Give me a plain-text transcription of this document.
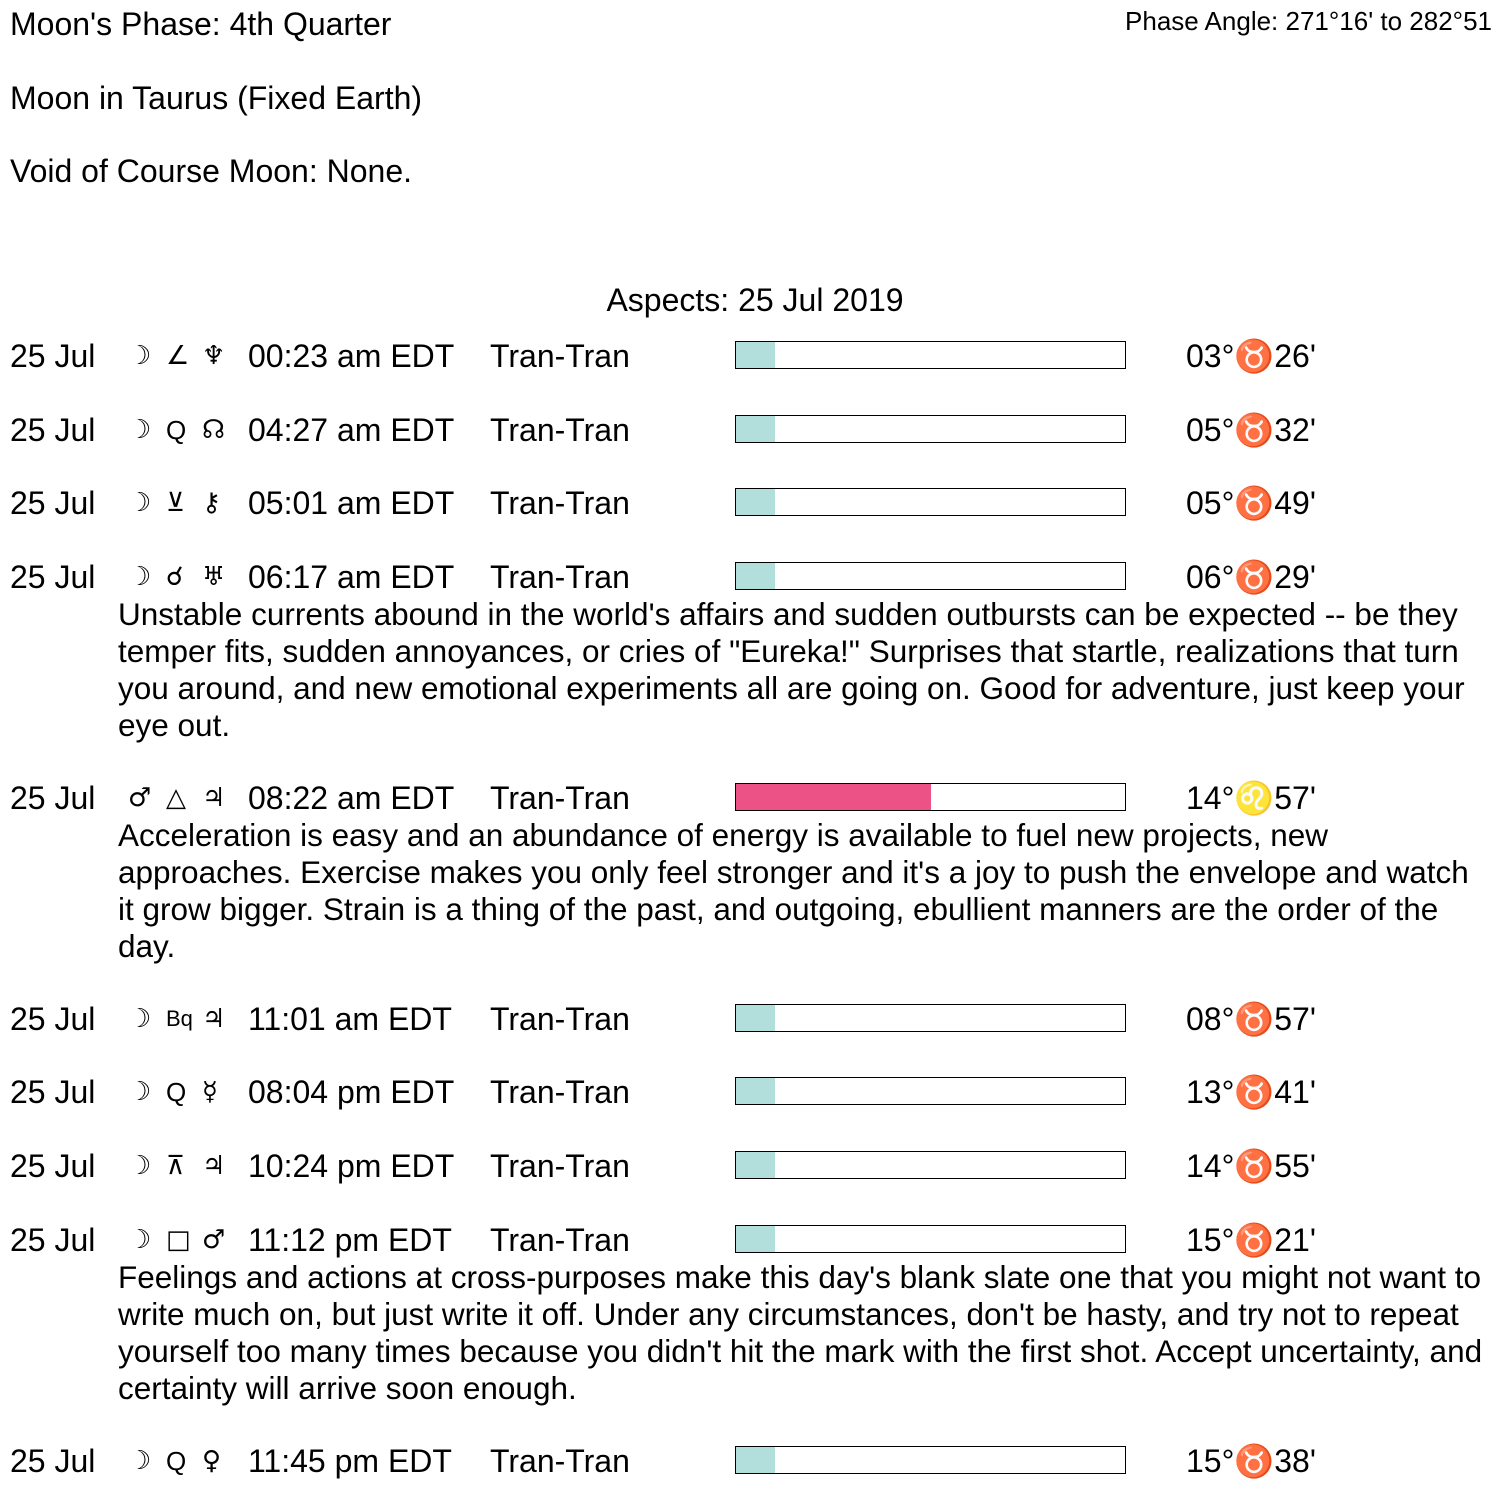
Moon's Phase: 4th Quarter	Phase Angle: 271°16' to 282°51
Moon in Taurus (Fixed Earth)
Void of Course Moon: None.
Aspects: 25 Jul 2019
25 Jul ☽ ∠ ♆ 00:23 am EDT Tran-Tran	03°♉26'
25 Jul ☽ Q ☊ 04:27 am EDT Tran-Tran	05°♉32'
25 Jul ☽ ⊻ ⚷ 05:01 am EDT Tran-Tran	05°♉49'
25 Jul ☽ ☌ ♅ 06:17 am EDT Tran-Tran	06°♉29'
Unstable currents abound in the world's affairs and sudden outbursts can be expected -- be they temper fits, sudden annoyances, or cries of "Eureka!" Surprises that startle, realizations that turn you around, and new emotional experiments all are going on. Good for adventure, just keep your eye out.
25 Jul ♂ △ ♃ 08:22 am EDT Tran-Tran	14°♌57'
Acceleration is easy and an abundance of energy is available to fuel new projects, new approaches. Exercise makes you only feel stronger and it's a joy to push the envelope and watch it grow bigger. Strain is a thing of the past, and outgoing, ebullient manners are the order of the day.
25 Jul ☽ Bq ♃ 11:01 am EDT Tran-Tran	08°♉57'
25 Jul ☽ Q ☿ 08:04 pm EDT Tran-Tran	13°♉41'
25 Jul ☽ ⊼ ♃ 10:24 pm EDT Tran-Tran	14°♉55'
25 Jul ☽ □ ♂ 11:12 pm EDT Tran-Tran	15°♉21'
Feelings and actions at cross-purposes make this day's blank slate one that you might not want to write much on, but just write it off. Under any circumstances, don't be hasty, and try not to repeat yourself too many times because you didn't hit the mark with the first shot. Accept uncertainty, and certainty will arrive soon enough.
25 Jul ☽ Q ♀ 11:45 pm EDT Tran-Tran	15°♉38'
